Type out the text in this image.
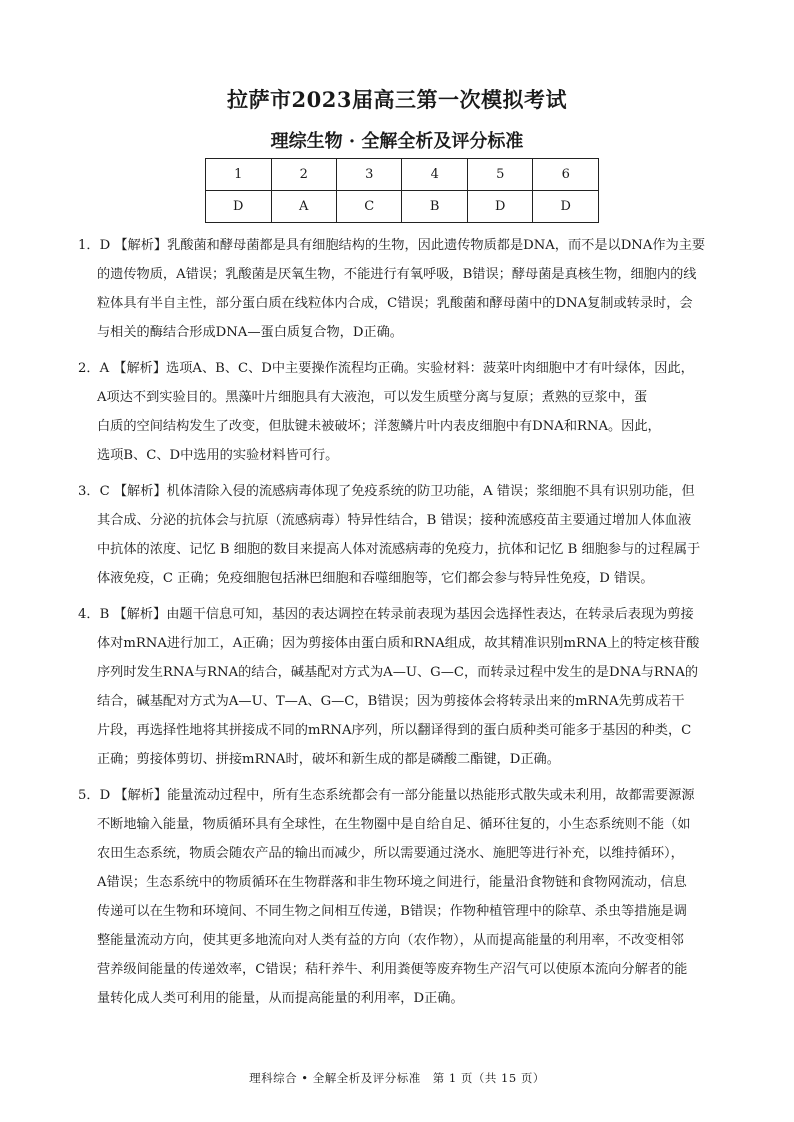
拉萨市2023届高三第一次模拟考试
理综生物 · 全解全析及评分标准
1	2	3	4	5	6
D	A	C	B	D	D
1．D 【解析】乳酸菌和酵母菌都是具有细胞结构的生物，因此遗传物质都是DNA，而不是以DNA作为主要
的遗传物质，A错误；乳酸菌是厌氧生物，不能进行有氧呼吸，B错误；酵母菌是真核生物，细胞内的线
粒体具有半自主性，部分蛋白质在线粒体内合成，C错误；乳酸菌和酵母菌中的DNA复制或转录时，会
与相关的酶结合形成DNA—蛋白质复合物，D正确。
2．A 【解析】选项A、B、C、D中主要操作流程均正确。实验材料：菠菜叶肉细胞中才有叶绿体，因此，
A项达不到实验目的。黑藻叶片细胞具有大液泡，可以发生质壁分离与复原；煮熟的豆浆中，蛋
白质的空间结构发生了改变，但肽键未被破坏；洋葱鳞片叶内表皮细胞中有DNA和RNA。因此，
选项B、C、D中选用的实验材料皆可行。
3．C 【解析】机体清除入侵的流感病毒体现了免疫系统的防卫功能，A 错误；浆细胞不具有识别功能，但
其合成、分泌的抗体会与抗原（流感病毒）特异性结合，B 错误；接种流感疫苗主要通过增加人体血液
中抗体的浓度、记忆 B 细胞的数目来提高人体对流感病毒的免疫力，抗体和记忆 B 细胞参与的过程属于
体液免疫，C 正确；免疫细胞包括淋巴细胞和吞噬细胞等，它们都会参与特异性免疫，D 错误。
4．B 【解析】由题干信息可知，基因的表达调控在转录前表现为基因会选择性表达，在转录后表现为剪接
体对mRNA进行加工，A正确；因为剪接体由蛋白质和RNA组成，故其精准识别mRNA上的特定核苷酸
序列时发生RNA与RNA的结合，碱基配对方式为A—U、G—C，而转录过程中发生的是DNA与RNA的
结合，碱基配对方式为A—U、T—A、G—C，B错误；因为剪接体会将转录出来的mRNA先剪成若干
片段，再选择性地将其拼接成不同的mRNA序列，所以翻译得到的蛋白质种类可能多于基因的种类，C
正确；剪接体剪切、拼接mRNA时，破坏和新生成的都是磷酸二酯键，D正确。
5．D 【解析】能量流动过程中，所有生态系统都会有一部分能量以热能形式散失或未利用，故都需要源源
不断地输入能量，物质循环具有全球性，在生物圈中是自给自足、循环往复的，小生态系统则不能（如
农田生态系统，物质会随农产品的输出而减少，所以需要通过浇水、施肥等进行补充，以维持循环），
A错误；生态系统中的物质循环在生物群落和非生物环境之间进行，能量沿食物链和食物网流动，信息
传递可以在生物和环境间、不同生物之间相互传递，B错误；作物种植管理中的除草、杀虫等措施是调
整能量流动方向，使其更多地流向对人类有益的方向（农作物），从而提高能量的利用率，不改变相邻
营养级间能量的传递效率，C错误；秸秆养牛、利用粪便等废弃物生产沼气可以使原本流向分解者的能
量转化成人类可利用的能量，从而提高能量的利用率，D正确。
理科综合 • 全解全析及评分标准　第 1 页（共 15 页）
